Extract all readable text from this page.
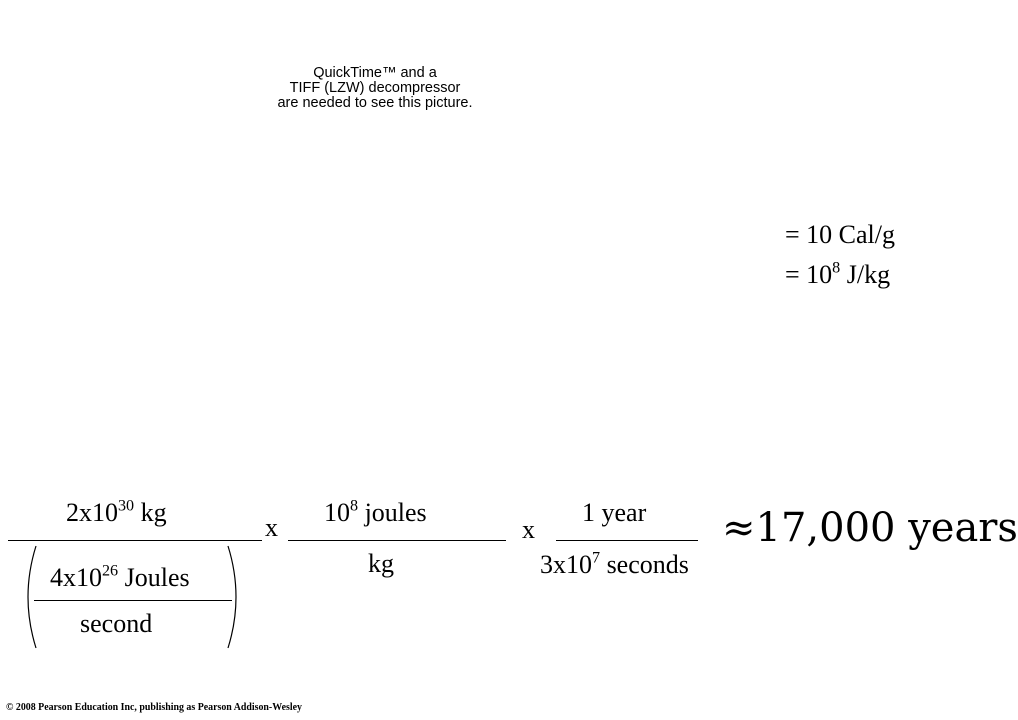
QuickTime™ and a
TIFF (LZW) decompressor
are needed to see this picture.
= 10 Cal/g
= $10^8$ J/kg
$2x10^{30}$ kg
x
$10^8$ joules
kg
x
1 year
$3x10^7$ seconds
≈17,000 years
$4x10^{26}$ Joules
second
© 2008 Pearson Education Inc, publishing as Pearson Addison-Wesley
